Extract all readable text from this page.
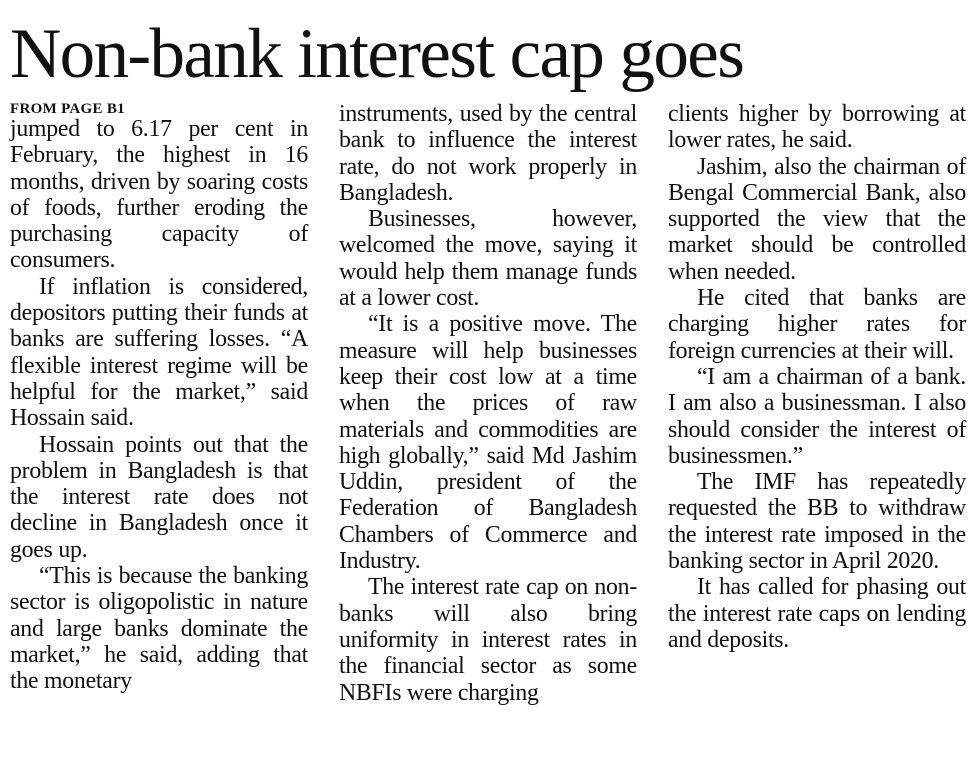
Non-bank interest cap goes
FROM PAGE B1

jumped to 6.17 per cent in February, the highest in 16 months, driven by soaring costs of foods, further eroding the purchasing capacity of consumers.

If inflation is considered, depositors putting their funds at banks are suffering losses. “A flexible interest regime will be helpful for the market,” said Hossain said.

Hossain points out that the problem in Bangladesh is that the interest rate does not decline in Bangladesh once it goes up.

“This is because the banking sector is oligopolistic in nature and large banks dominate the market,” he said, adding that the monetary

instruments, used by the central bank to influence the interest rate, do not work properly in Bangladesh.

Businesses, however, welcomed the move, saying it would help them manage funds at a lower cost.

“It is a positive move. The measure will help businesses keep their cost low at a time when the prices of raw materials and commodities are high globally,” said Md Jashim Uddin, president of the Federation of Bangladesh Chambers of Commerce and Industry.

The interest rate cap on non-banks will also bring uniformity in interest rates in the financial sector as some NBFIs were charging

clients higher by borrowing at lower rates, he said.

Jashim, also the chairman of Bengal Commercial Bank, also supported the view that the market should be controlled when needed.

He cited that banks are charging higher rates for foreign currencies at their will.

“I am a chairman of a bank. I am also a businessman. I also should consider the interest of businessmen.”

The IMF has repeatedly requested the BB to withdraw the interest rate imposed in the banking sector in April 2020.

It has called for phasing out the interest rate caps on lending and deposits.
